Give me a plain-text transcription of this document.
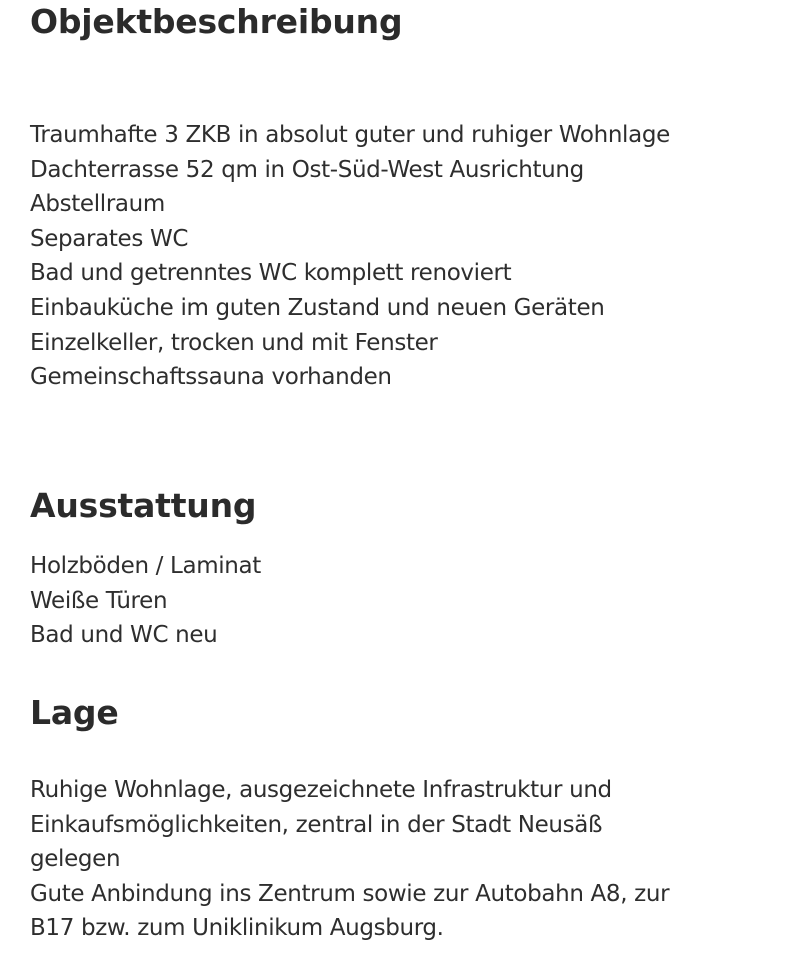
Objektbeschreibung

Traumhafte 3 ZKB in absolut guter und ruhiger Wohnlage

Dachterrasse 52 qm in Ost-Süd-West Ausrichtung

Abstellraum

Separates WC

Bad und getrenntes WC komplett renoviert

Einbauküche im guten Zustand und neuen Geräten

Einzelkeller, trocken und mit Fenster

Gemeinschaftssauna vorhanden

Ausstattung

Holzböden / Laminat

Weiße Türen

Bad und WC neu

Lage

Ruhige Wohnlage, ausgezeichnete Infrastruktur und

Einkaufsmöglichkeiten, zentral in der Stadt Neusäß

gelegen

Gute Anbindung ins Zentrum sowie zur Autobahn A8, zur

B17 bzw. zum Uniklinikum Augsburg.
